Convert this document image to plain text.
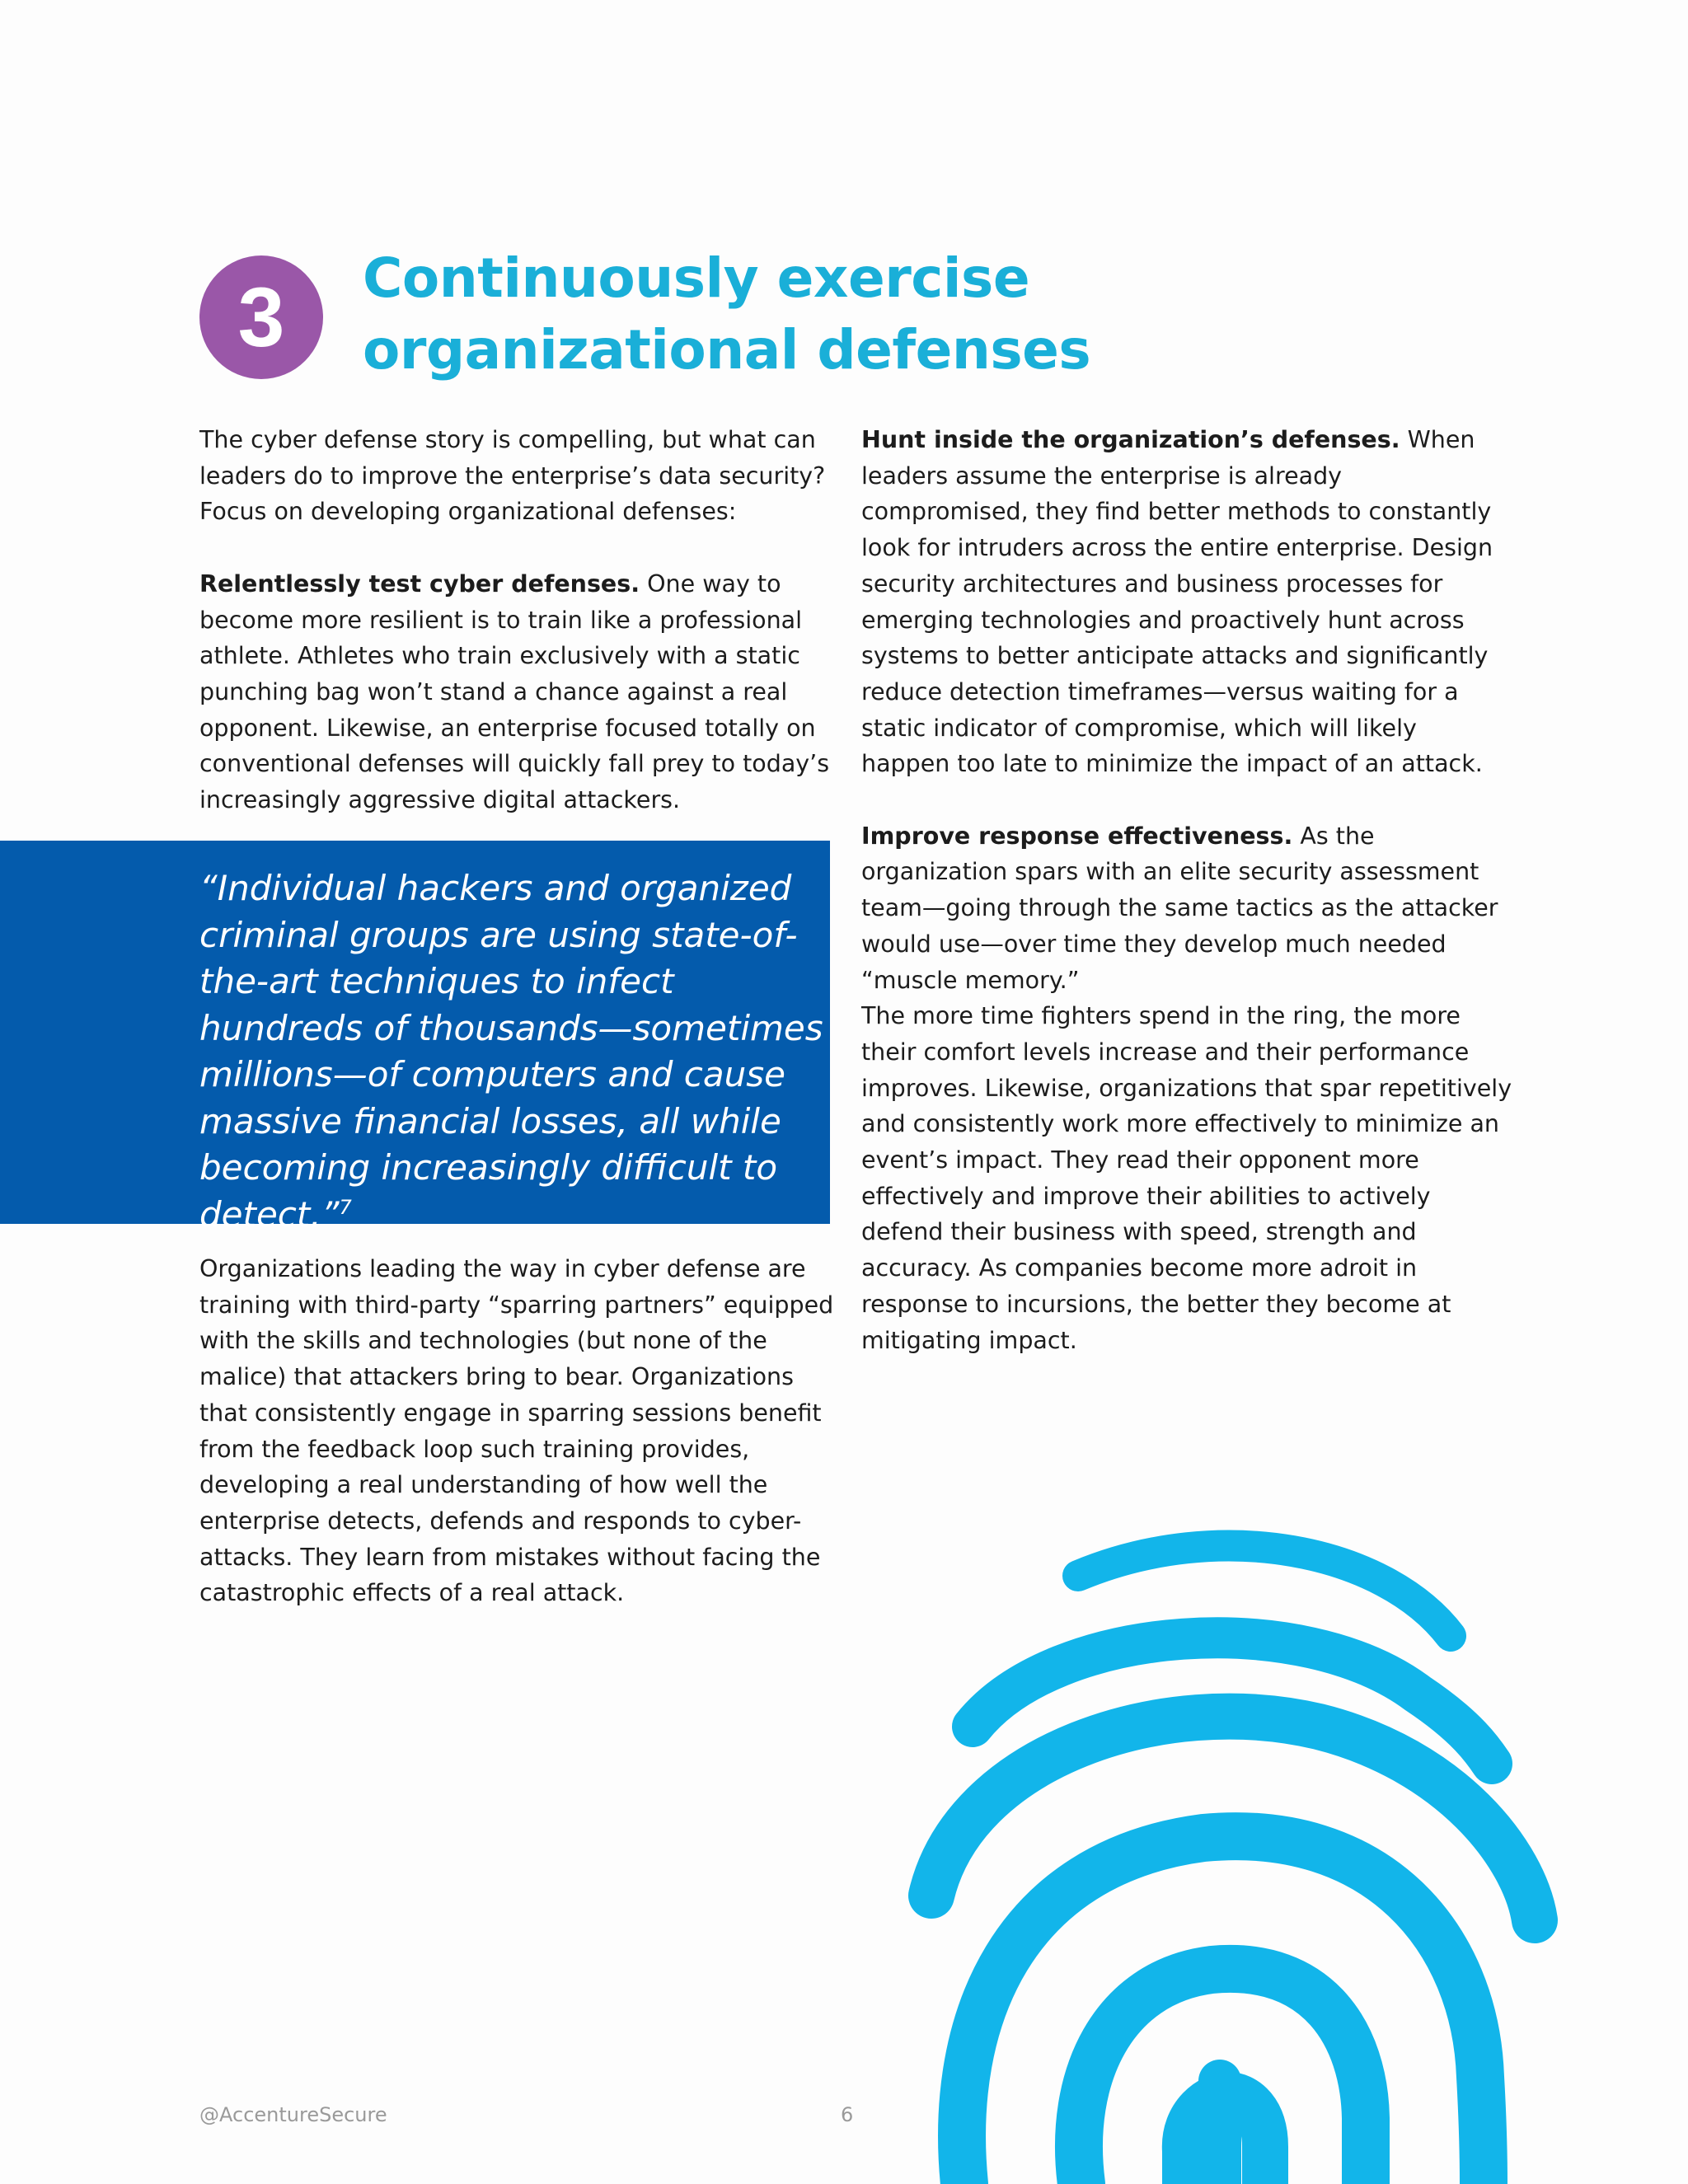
3	Continuously exercise
organizational defenses

The cyber defense story is compelling, but what can leaders do to improve the enterprise’s data security? Focus on developing organizational defenses:

Relentlessly test cyber defenses. One way to become more resilient is to train like a professional athlete. Athletes who train exclusively with a static punching bag won’t stand a chance against a real opponent. Likewise, an enterprise focused totally on conventional defenses will quickly fall prey to today’s increasingly aggressive digital attackers.

“Individual hackers and organized criminal groups are using state-of-the-art techniques to infect hundreds of thousands—sometimes millions—of computers and cause massive financial losses, all while becoming increasingly difficult to detect.”$^7$

Organizations leading the way in cyber defense are training with third-party “sparring partners” equipped with the skills and technologies (but none of the malice) that attackers bring to bear. Organizations that consistently engage in sparring sessions benefit from the feedback loop such training provides, developing a real understanding of how well the enterprise detects, defends and responds to cyber-attacks. They learn from mistakes without facing the catastrophic effects of a real attack.

Hunt inside the organization’s defenses. When leaders assume the enterprise is already compromised, they find better methods to constantly look for intruders across the entire enterprise. Design security architectures and business processes for emerging technologies and proactively hunt across systems to better anticipate attacks and significantly reduce detection timeframes—versus waiting for a static indicator of compromise, which will likely happen too late to minimize the impact of an attack.

Improve response effectiveness. As the organization spars with an elite security assessment team—going through the same tactics as the attacker would use—over time they develop much needed “muscle memory.”

The more time fighters spend in the ring, the more their comfort levels increase and their performance improves. Likewise, organizations that spar repetitively and consistently work more effectively to minimize an event’s impact. They read their opponent more effectively and improve their abilities to actively defend their business with speed, strength and accuracy. As companies become more adroit in response to incursions, the better they become at mitigating impact.

@AccentureSecure	6
